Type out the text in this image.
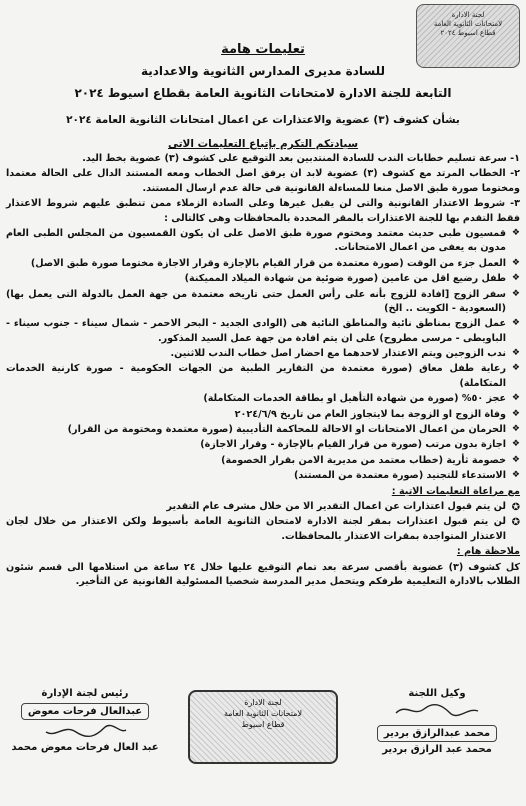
لجنة الادارة
لامتحانات الثانوية العامة
قطاع اسيوط ٢٠٢٤
تعليمات هامة
للسادة مديرى المدارس الثانوية والاعدادية
التابعة للجنة الادارة لامتحانات الثانوية العامة بقطاع اسيوط ٢٠٢٤
بشأن كشوف (٣) عضوية والاعتذارات عن اعمال امتحانات الثانوية العامة ٢٠٢٤
سيادتكم التكرم بإتباع التعليمات الاتى

١- سرعة تسليم خطابات الندب للسادة المنتدبين بعد التوقيع على كشوف (٣) عضوية بخط اليد.

٢- الخطاب المرتد مع كشوف (٣) عضوية لابد ان يرفق اصل الخطاب ومعه المستند الدال على الحالة معتمدا ومختوما صورة طبق الاصل منعا للمساءلة القانونية فى حالة عدم ارسال المستند.

٣- شروط الاعتذار القانونية والتى لن يقبل غيرها وعلى السادة الزملاء ممن تنطبق عليهم شروط الاعتذار فقط التقدم بها للجنة الاعتذارات بالمقر المحددة بالمحافظات وهى كالتالى :

❖ قمسيون طبى حديث معتمد ومختوم صورة طبق الاصل على ان يكون القمسيون من المجلس الطبى العام مدون به يعفى من اعمال الامتحانات.

❖ العمل جزء من الوقت (صورة معتمدة من قرار القيام بالإجازة وقرار الاجازة مختوما صورة طبق الاصل)

❖ طفل رضيع اقل من عامين (صورة ضوئية من شهادة الميلاد المميكنة)

❖ سفر الزوج [افادة للزوج بأنه على رأس العمل حتى تاريخه معتمدة من جهة العمل بالدولة التى يعمل بها) (السعودية - الكويت .. الخ)

❖ عمل الزوج بمناطق نائية والمناطق النائية هى (الوادى الجديد - البحر الاحمر - شمال سيناء - جنوب سيناء - الباويطى - مرسى مطروح) على ان يتم افادة من جهة عمل السيد المذكور.

❖ ندب الزوجين ويتم الاعتذار لاحدهما مع احضار اصل خطاب الندب للاثنين.

❖ رعاية طفل معاق (صورة معتمدة من التقارير الطبية من الجهات الحكومية - صورة كارنية الخدمات المتكاملة)

❖ عجز ٥٠% (صورة من شهادة التأهيل او بطاقة الخدمات المتكاملة)

❖ وفاة الزوج او الزوجة بما لايتجاوز العام من تاريخ ٢٠٢٤/٦/٩

❖ الحرمان من اعمال الامتحانات او الاحالة للمحاكمة التأديبية (صورة معتمدة ومختومة من القرار)

❖ اجازة بدون مرتب (صورة من قرار القيام بالإجازة - وقرار الاجازة)

❖ خصومة ثأرية (خطاب معتمد من مديرية الامن بقرار الخصومة)

❖ الاستدعاء للتجنيد (صورة معتمدة من المستند)

مع مراعاة التعليمات الاتية :

✪ لن يتم قبول اعتذارات عن اعمال التقدير الا من خلال مشرف عام التقدير

✪ لن يتم قبول اعتذارات بمقر لجنة الادارة لامتحان الثانوية العامة بأسيوط ولكن الاعتذار من خلال لجان الاعتذار المتواجدة بمقرات الاعتذار بالمحافظات.

ملاحظة هام :

كل كشوف (٣) عضوية بأقصى سرعة بعد تمام التوقيع عليها خلال ٢٤ ساعة من استلامها الى قسم شئون الطلاب بالادارة التعليمية طرفكم ويتحمل مدير المدرسة شخصيا المسئولية القانونية عن التأخير.

وكيل اللجنة
محمد عبدالرازق بردير
محمد عبد الرازق بردير
لجنة الادارة
لامتحانات الثانوية العامة
قطاع اسيوط
رئيس لجنة الإدارة
عبدالعال فرحات معوض
عبد العال فرحات معوض محمد
